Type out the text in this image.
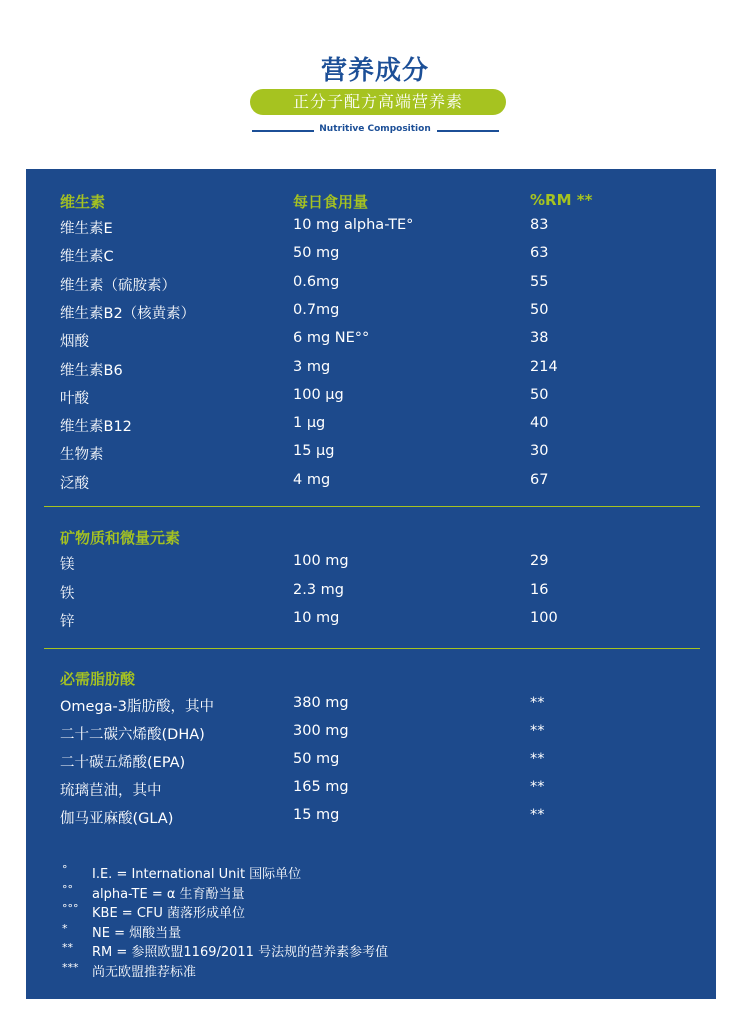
营养成分
正分子配方高端营养素
Nutritive Composition
维生素	每日食用量	%RM **
矿物质和微量元素
必需脂肪酸
°	I.E. = International Unit 国际单位
°°	alpha-TE = α 生育酚当量
°°°	KBE = CFU 菌落形成单位
*	NE = 烟酸当量
**	RM = 参照欧盟1169/2011 号法规的营养素参考值
***	尚无欧盟推荐标准
维生素E	10 mg alpha-TE°	83
维生素C	50 mg	63
维生素（硫胺素）	0.6mg	55
维生素B2（核黄素）	0.7mg	50
烟酸	6 mg NE°°	38
维生素B6	3 mg	214
叶酸	100 µg	50
维生素B12	1 µg	40
生物素	15 µg	30
泛酸	4 mg	67
镁	100 mg	29
铁	2.3 mg	16
锌	10 mg	100
Omega-3脂肪酸，其中	380 mg	**
二十二碳六烯酸(DHA)	300 mg	**
二十碳五烯酸(EPA)	50 mg	**
琉璃苣油，其中	165 mg	**
伽马亚麻酸(GLA)	15 mg	**
